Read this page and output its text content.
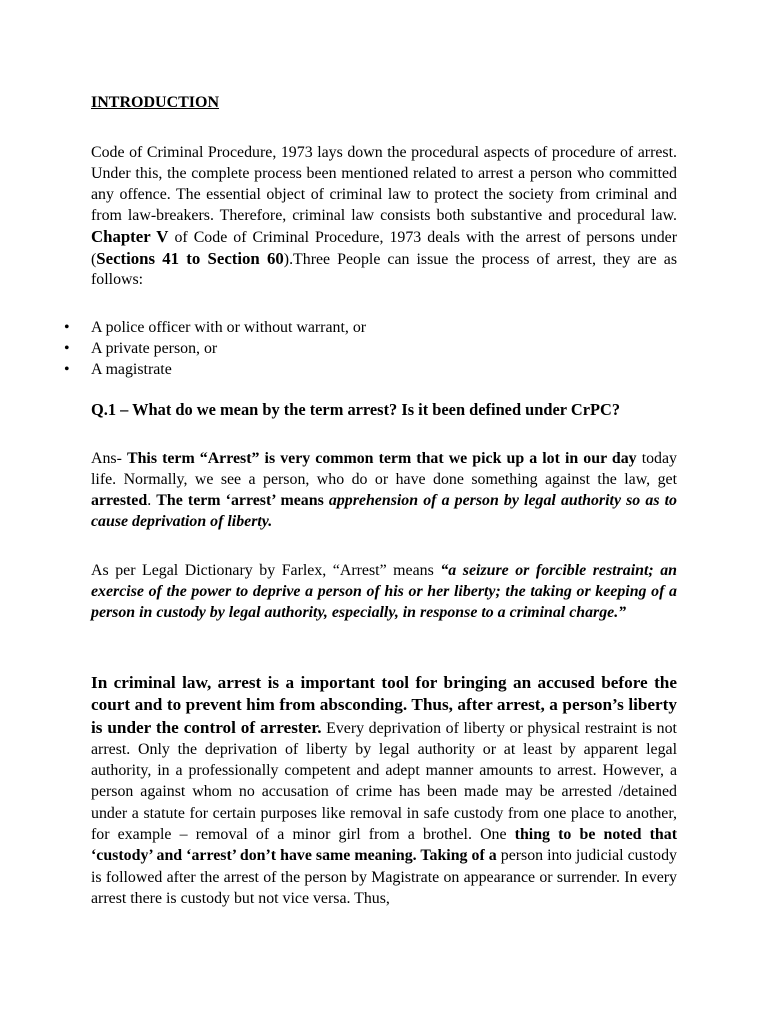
INTRODUCTION

Code of Criminal Procedure, 1973 lays down the procedural aspects of procedure of arrest. Under this, the complete process been mentioned related to arrest a person who committed any offence. The essential object of criminal law to protect the society from criminal and from law-breakers. Therefore, criminal law consists both substantive and procedural law. Chapter V of Code of Criminal Procedure, 1973 deals with the arrest of persons under (Sections 41 to Section 60).Three People can issue the process of arrest, they are as follows:

• A police officer with or without warrant, or
• A private person, or
• A magistrate
Q.1 – What do we mean by the term arrest? Is it been defined under CrPC?

Ans- This term “Arrest” is very common term that we pick up a lot in our day today life. Normally, we see a person, who do or have done something against the law, get arrested. The term ‘arrest’ means apprehension of a person by legal authority so as to cause deprivation of liberty.

As per Legal Dictionary by Farlex, “Arrest” means “a seizure or forcible restraint; an exercise of the power to deprive a person of his or her liberty; the taking or keeping of a person in custody by legal authority, especially, in response to a criminal charge.”

In criminal law, arrest is a important tool for bringing an accused before the court and to prevent him from absconding. Thus, after arrest, a person’s liberty is under the control of arrester. Every deprivation of liberty or physical restraint is not arrest. Only the deprivation of liberty by legal authority or at least by apparent legal authority, in a professionally competent and adept manner amounts to arrest. However, a person against whom no accusation of crime has been made may be arrested /detained under a statute for certain purposes like removal in safe custody from one place to another, for example – removal of a minor girl from a brothel. One thing to be noted that ‘custody’ and ‘arrest’ don’t have same meaning. Taking of a person into judicial custody is followed after the arrest of the person by Magistrate on appearance or surrender. In every arrest there is custody but not vice versa. Thus,
